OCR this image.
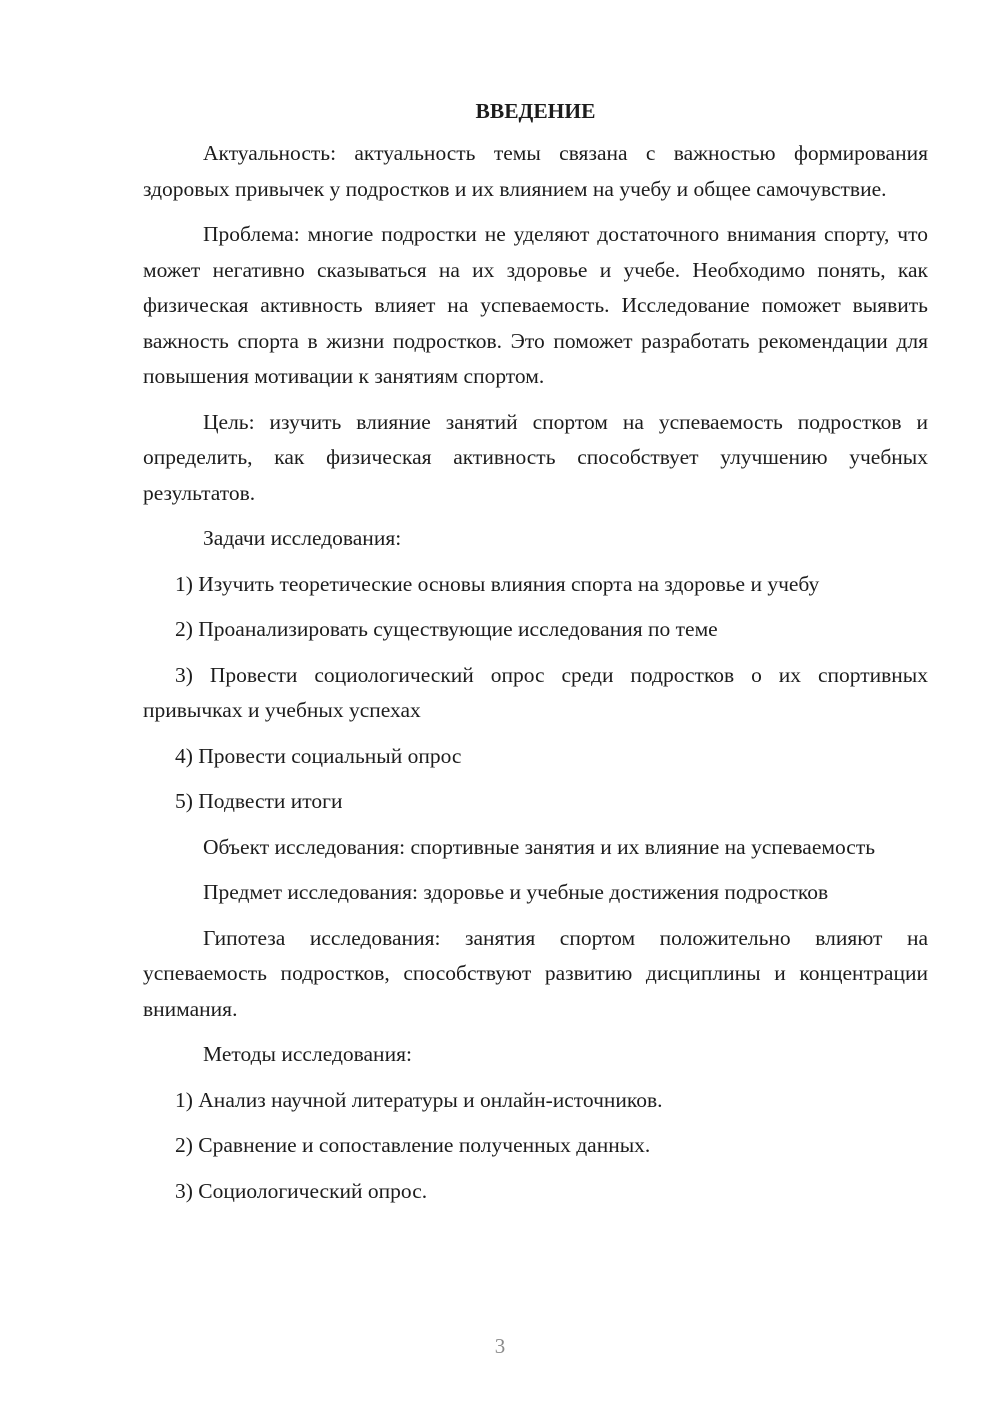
ВВЕДЕНИЕ

Актуальность: актуальность темы связана с важностью формирования здоровых привычек у подростков и их влиянием на учебу и общее самочувствие.

Проблема: многие подростки не уделяют достаточного внимания спорту, что может негативно сказываться на их здоровье и учебе. Необходимо понять, как физическая активность влияет на успеваемость. Исследование поможет выявить важность спорта в жизни подростков. Это поможет разработать рекомендации для повышения мотивации к занятиям спортом.

Цель: изучить влияние занятий спортом на успеваемость подростков и определить, как физическая активность способствует улучшению учебных результатов.

Задачи исследования:

1) Изучить теоретические основы влияния спорта на здоровье и учебу

2) Проанализировать существующие исследования по теме

3) Провести социологический опрос среди подростков о их спортивных привычках и учебных успехах

4) Провести социальный опрос

5) Подвести итоги

Объект исследования: спортивные занятия и их влияние на успеваемость

Предмет исследования: здоровье и учебные достижения подростков

Гипотеза исследования: занятия спортом положительно влияют на успеваемость подростков, способствуют развитию дисциплины и концентрации внимания.

Методы исследования:

1) Анализ научной литературы и онлайн-источников.

2) Сравнение и сопоставление полученных данных.

3) Социологический опрос.

3
